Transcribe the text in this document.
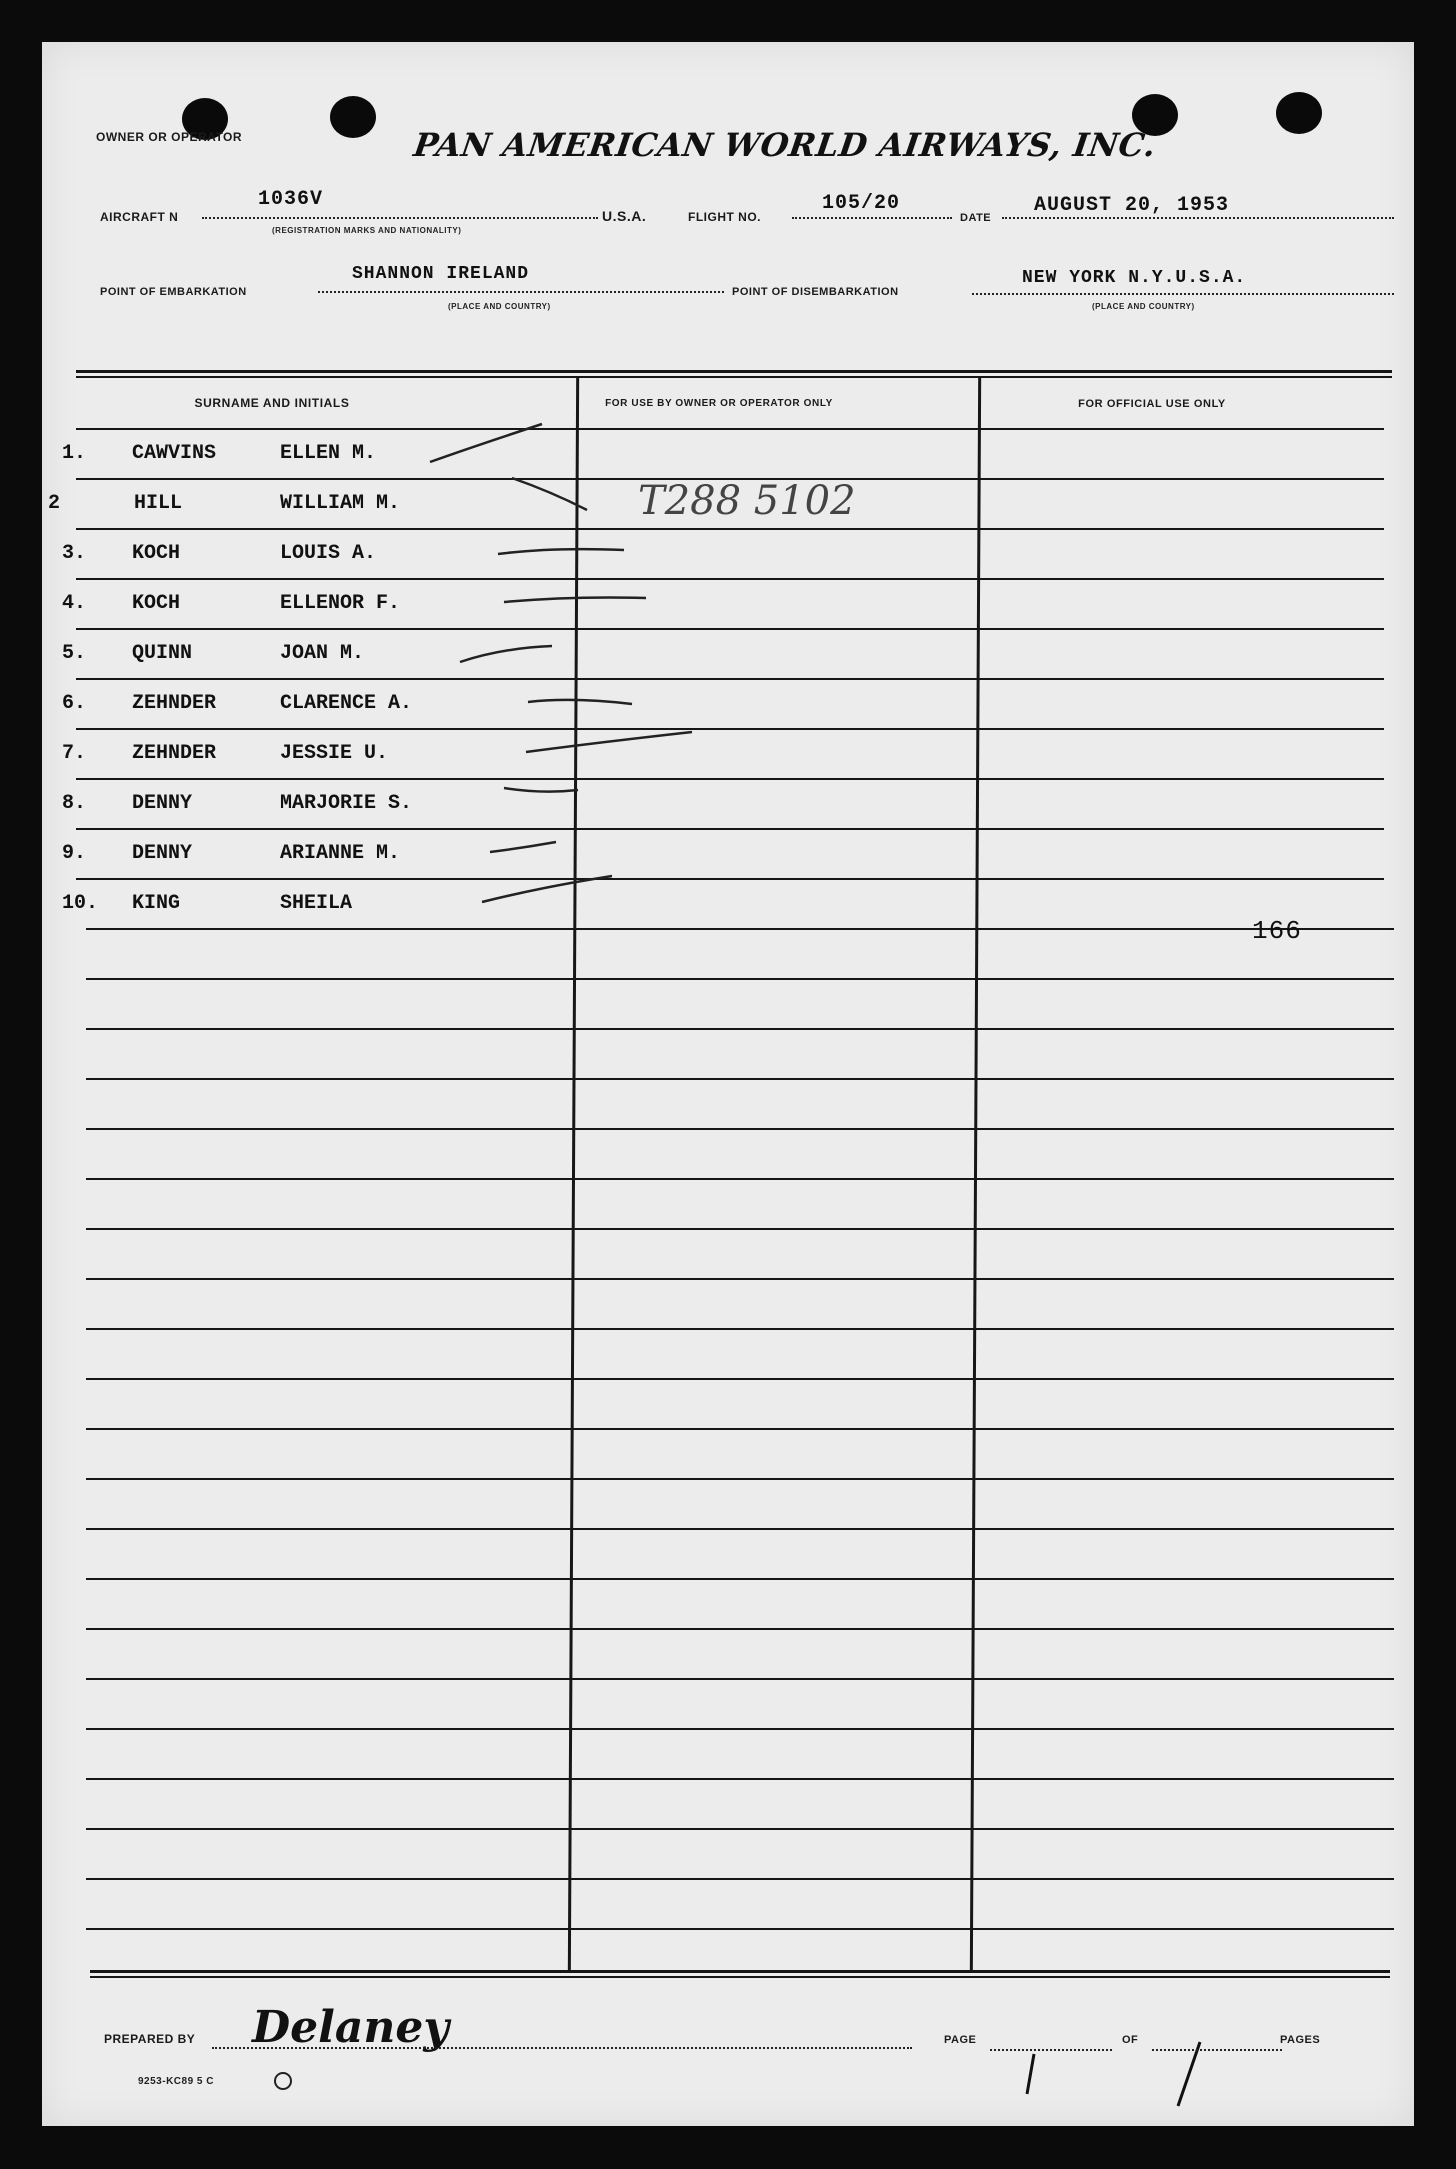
OWNER OR OPERATOR	PAN AMERICAN WORLD AIRWAYS, INC.
AIRCRAFT N
1036V
(REGISTRATION MARKS AND NATIONALITY)
U.S.A.	FLIGHT NO.
105/20
DATE
AUGUST 20, 1953
POINT OF EMBARKATION
SHANNON IRELAND
(PLACE AND COUNTRY)
POINT OF DISEMBARKATION
NEW YORK N.Y.U.S.A.
(PLACE AND COUNTRY)
SURNAME AND INITIALS	FOR USE BY OWNER OR OPERATOR ONLY	FOR OFFICIAL USE ONLY
1. CAWVINS	ELLEN M.
2	HILL	WILLIAM M.
3. KOCH	LOUIS A.
4. KOCH	ELLENOR F.
5. QUINN	JOAN M.
6. ZEHNDER	CLARENCE A.
7. ZEHNDER	JESSIE U.
8. DENNY	MARJORIE S.
9. DENNY	ARIANNE M.
10. KING	SHEILA
T288 5102
166
PREPARED BY Delaney
9253-KC89 5 C
PAGE	OF	PAGES
